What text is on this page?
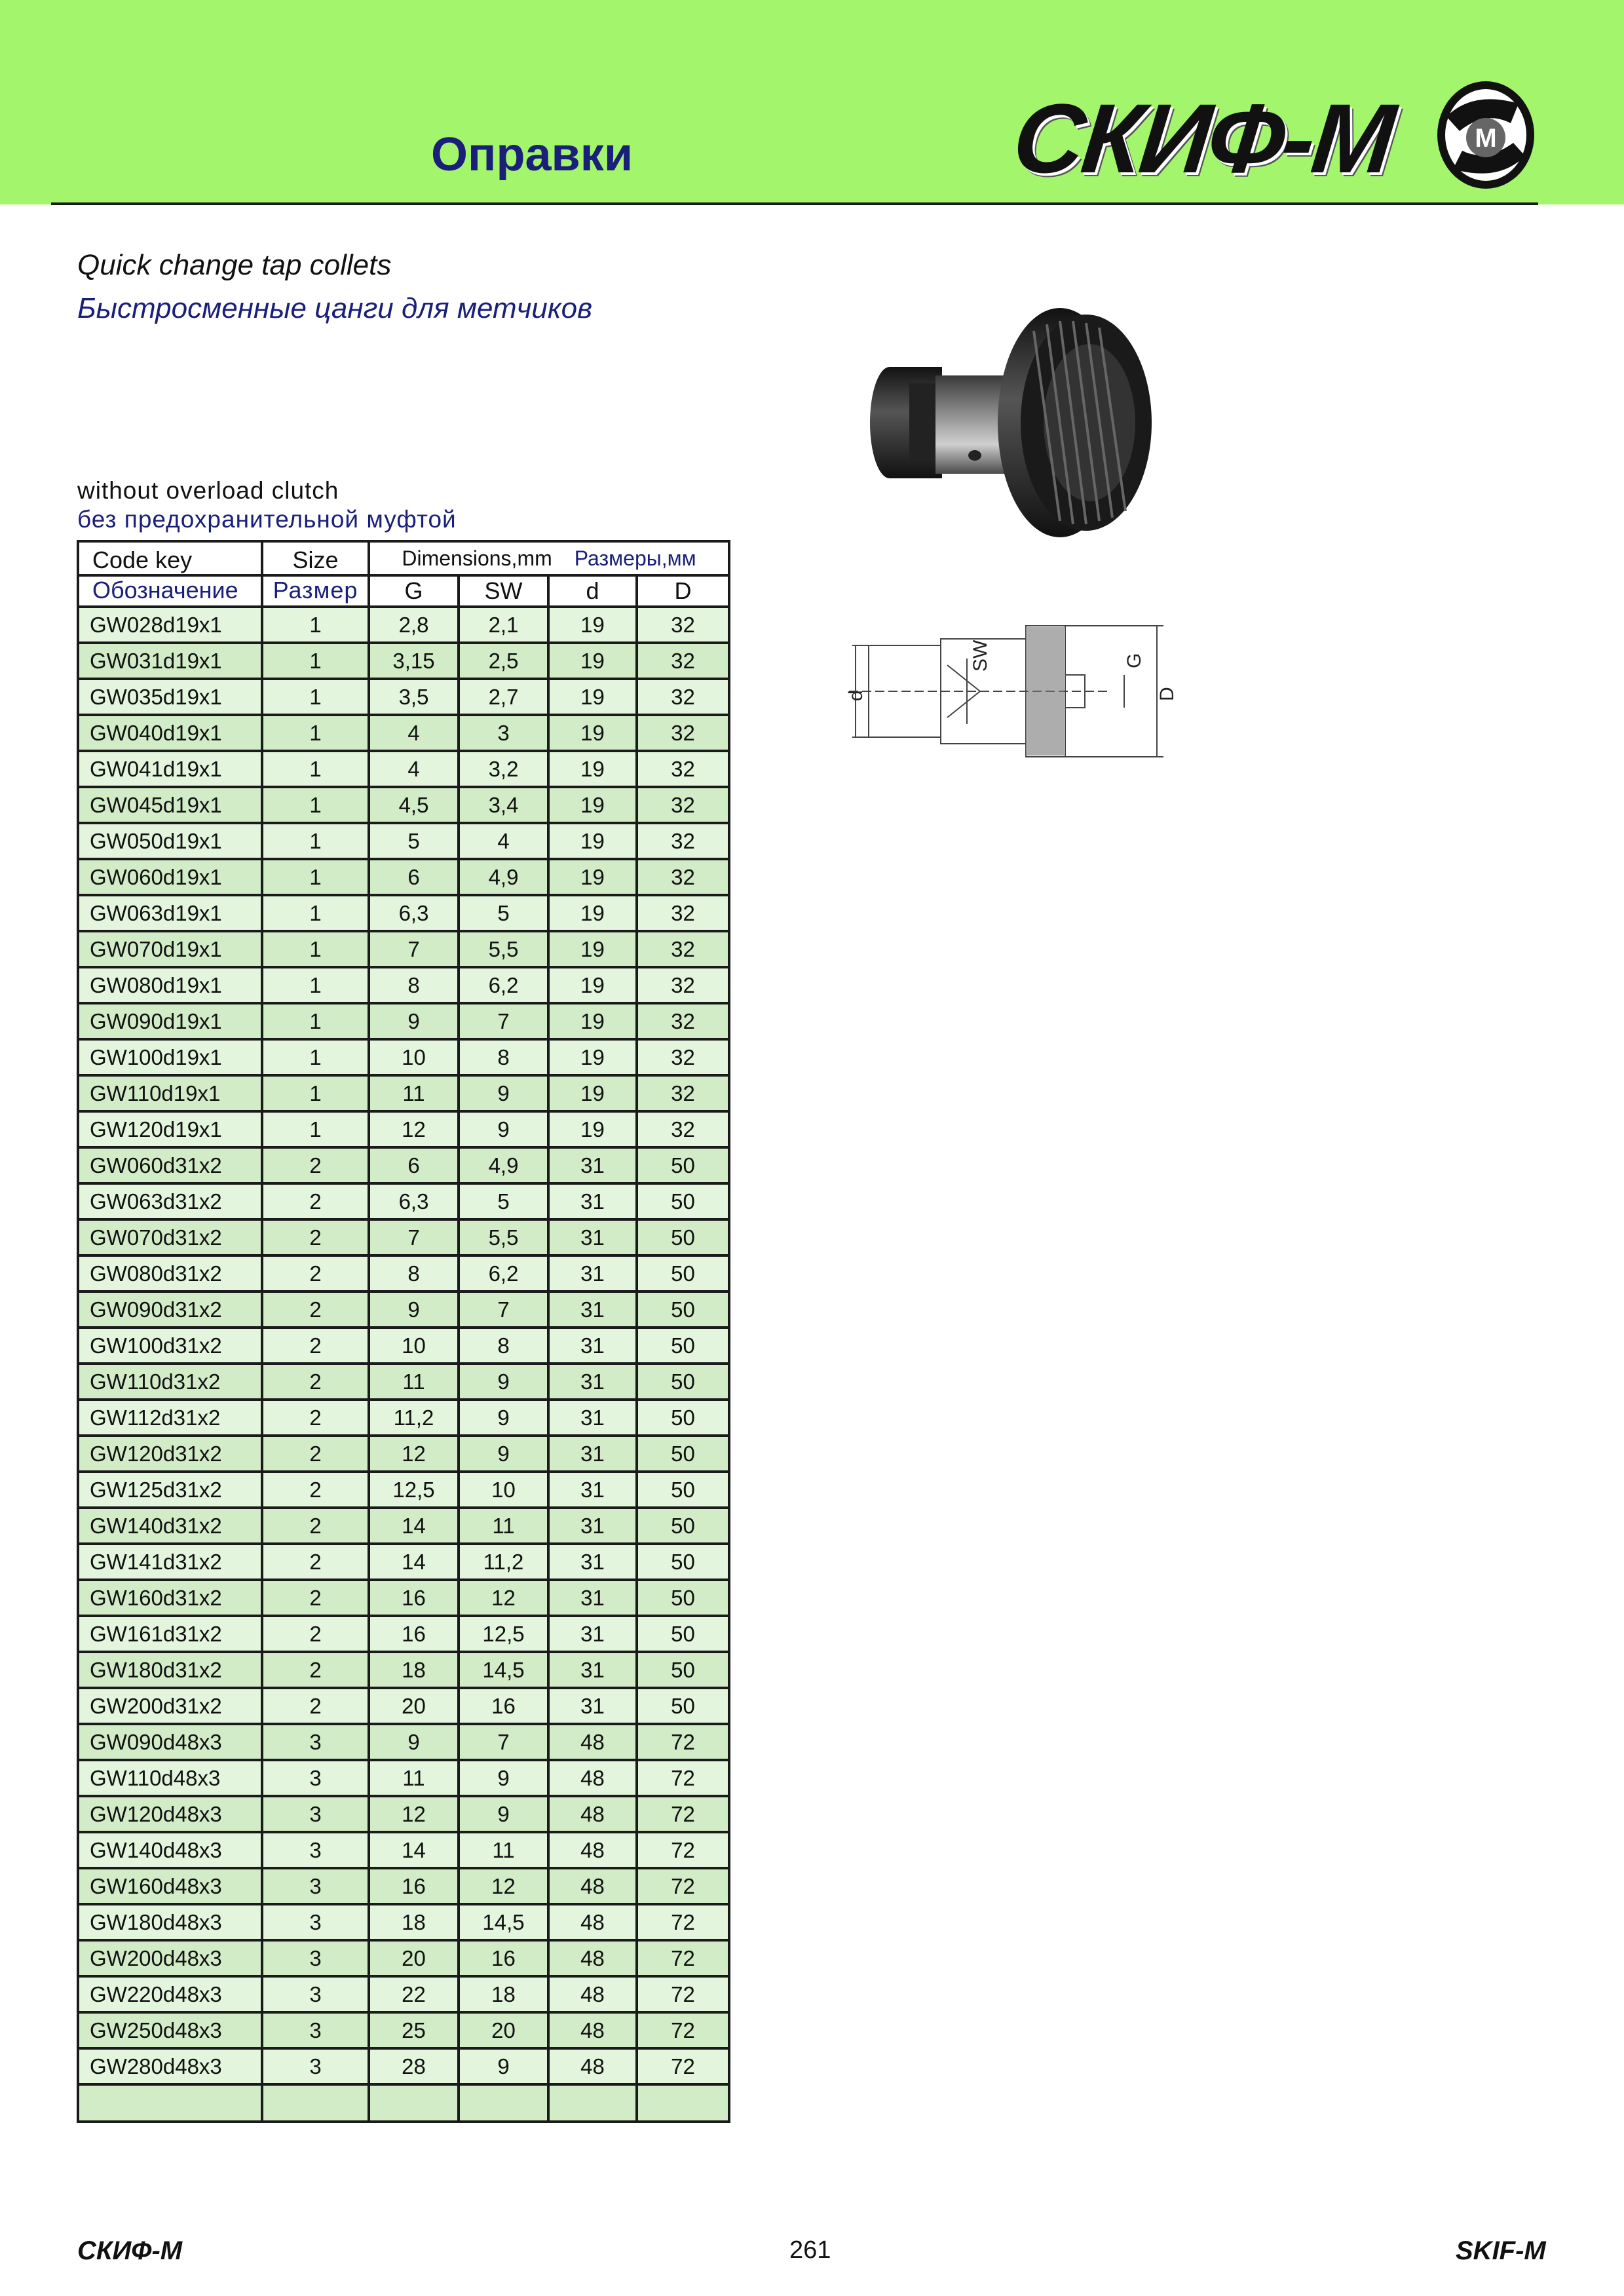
Оправки	СКИФ-М	M
Quick change tap collets
Быстросменные цанги для метчиков
d
SW	G
D
without overload clutch
без предохранительной муфтой
Code key	Size	Dimensions,mm Размеры,мм			
Обозначение	Размер	G	SW	d	D
GW028d19x1	1	2,8	2,1	19	32
GW031d19x1	1	3,15	2,5	19	32
GW035d19x1	1	3,5	2,7	19	32
GW040d19x1	1	4	3	19	32
GW041d19x1	1	4	3,2	19	32
GW045d19x1	1	4,5	3,4	19	32
GW050d19x1	1	5	4	19	32
GW060d19x1	1	6	4,9	19	32
GW063d19x1	1	6,3	5	19	32
GW070d19x1	1	7	5,5	19	32
GW080d19x1	1	8	6,2	19	32
GW090d19x1	1	9	7	19	32
GW100d19x1	1	10	8	19	32
GW110d19x1	1	11	9	19	32
GW120d19x1	1	12	9	19	32
GW060d31x2	2	6	4,9	31	50
GW063d31x2	2	6,3	5	31	50
GW070d31x2	2	7	5,5	31	50
GW080d31x2	2	8	6,2	31	50
GW090d31x2	2	9	7	31	50
GW100d31x2	2	10	8	31	50
GW110d31x2	2	11	9	31	50
GW112d31x2	2	11,2	9	31	50
GW120d31x2	2	12	9	31	50
GW125d31x2	2	12,5	10	31	50
GW140d31x2	2	14	11	31	50
GW141d31x2	2	14	11,2	31	50
GW160d31x2	2	16	12	31	50
GW161d31x2	2	16	12,5	31	50
GW180d31x2	2	18	14,5	31	50
GW200d31x2	2	20	16	31	50
GW090d48x3	3	9	7	48	72
GW110d48x3	3	11	9	48	72
GW120d48x3	3	12	9	48	72
GW140d48x3	3	14	11	48	72
GW160d48x3	3	16	12	48	72
GW180d48x3	3	18	14,5	48	72
GW200d48x3	3	20	16	48	72
GW220d48x3	3	22	18	48	72
GW250d48x3	3	25	20	48	72
GW280d48x3	3	28	9	48	72

СКИФ-М	261	SKIF-M
